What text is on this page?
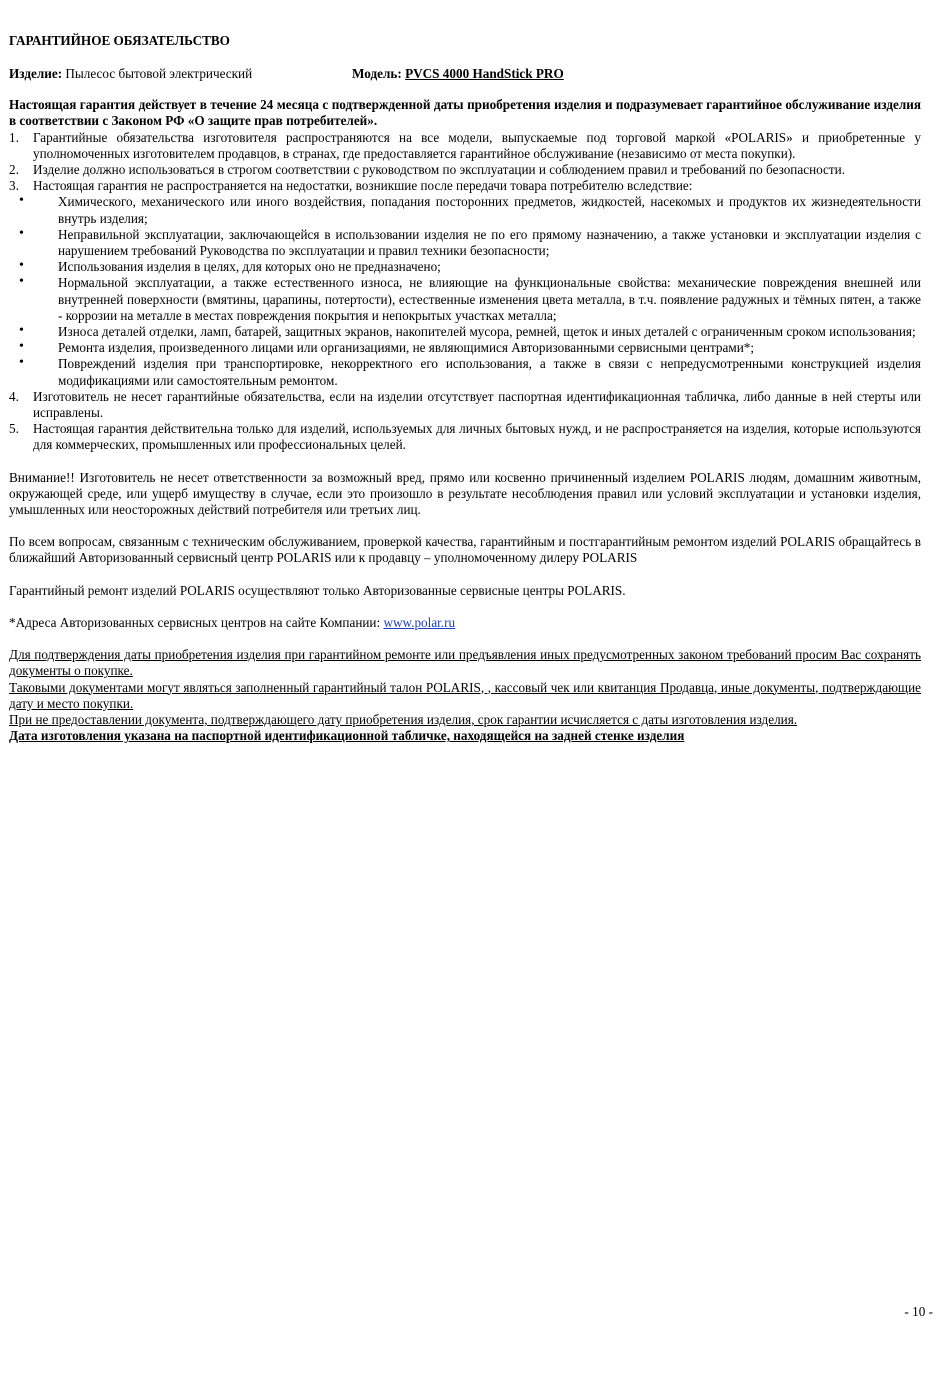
ГАРАНТИЙНОЕ ОБЯЗАТЕЛЬСТВО
Изделие: Пылесос бытовой электрический	Модель: PVCS 4000 HandStick PRO
Настоящая гарантия действует в течение 24 месяца с подтвержденной даты приобретения изделия и подразумевает гарантийное обслуживание изделия в соответствии с Законом РФ «О защите прав потребителей».
1. Гарантийные обязательства изготовителя распространяются на все модели, выпускаемые под торговой маркой «POLARIS» и приобретенные у уполномоченных изготовителем продавцов, в странах, где предоставляется гарантийное обслуживание (независимо от места покупки).
2. Изделие должно использоваться в строгом соответствии с руководством по эксплуатации и соблюдением правил и требований по безопасности.
3. Настоящая гарантия не распространяется на недостатки, возникшие после передачи товара потребителю вследствие:
•	Химического, механического или иного воздействия, попадания посторонних предметов, жидкостей, насекомых и продуктов их жизнедеятельности внутрь изделия;
•	Неправильной эксплуатации, заключающейся в использовании изделия не по его прямому назначению, а также установки и эксплуатации изделия с нарушением требований Руководства по эксплуатации и правил техники безопасности;
•	Использования изделия в целях, для которых оно не предназначено;
•	Нормальной эксплуатации, а также естественного износа, не влияющие на функциональные свойства: механические повреждения внешней или внутренней поверхности (вмятины, царапины, потертости), естественные изменения цвета металла, в т.ч. появление радужных и тёмных пятен, а также - коррозии на металле в местах повреждения покрытия и непокрытых участках металла;
•	Износа деталей отделки, ламп, батарей, защитных экранов, накопителей мусора, ремней, щеток и иных деталей с ограниченным сроком использования;
•	Ремонта изделия, произведенного лицами или организациями, не являющимися Авторизованными сервисными центрами*;
•	Повреждений изделия при транспортировке, некорректного его использования, а также в связи с непредусмотренными конструкцией изделия модификациями или самостоятельным ремонтом.
4. Изготовитель не несет гарантийные обязательства, если на изделии отсутствует паспортная идентификационная табличка, либо данные в ней стерты или исправлены.
5. Настоящая гарантия действительна только для изделий, используемых для личных бытовых нужд, и не распространяется на изделия, которые используются для коммерческих, промышленных или профессиональных целей.
Внимание!! Изготовитель не несет ответственности за возможный вред, прямо или косвенно причиненный изделием POLARIS людям, домашним животным, окружающей среде, или ущерб имуществу в случае, если это произошло в результате несоблюдения правил или условий эксплуатации и установки изделия, умышленных или неосторожных действий потребителя или третьих лиц.
По всем вопросам, связанным с техническим обслуживанием, проверкой качества, гарантийным и постгарантийным ремонтом изделий POLARIS обращайтесь в ближайший Авторизованный сервисный центр POLARIS или к продавцу – уполномоченному дилеру POLARIS
Гарантийный ремонт изделий POLARIS осуществляют только Авторизованные сервисные центры POLARIS.
*Адреса Авторизованных сервисных центров на сайте Компании: www.polar.ru
Для подтверждения даты приобретения изделия при гарантийном ремонте или предъявления иных предусмотренных законом требований просим Вас сохранять документы о покупке.
Таковыми документами могут являться заполненный гарантийный талон POLARIS, , кассовый чек или квитанция Продавца, иные документы, подтверждающие дату и место покупки.
При не предоставлении документа, подтверждающего дату приобретения изделия, срок гарантии исчисляется с даты изготовления изделия.
Дата изготовления указана на паспортной идентификационной табличке, находящейся на задней стенке изделия
- 10 -
